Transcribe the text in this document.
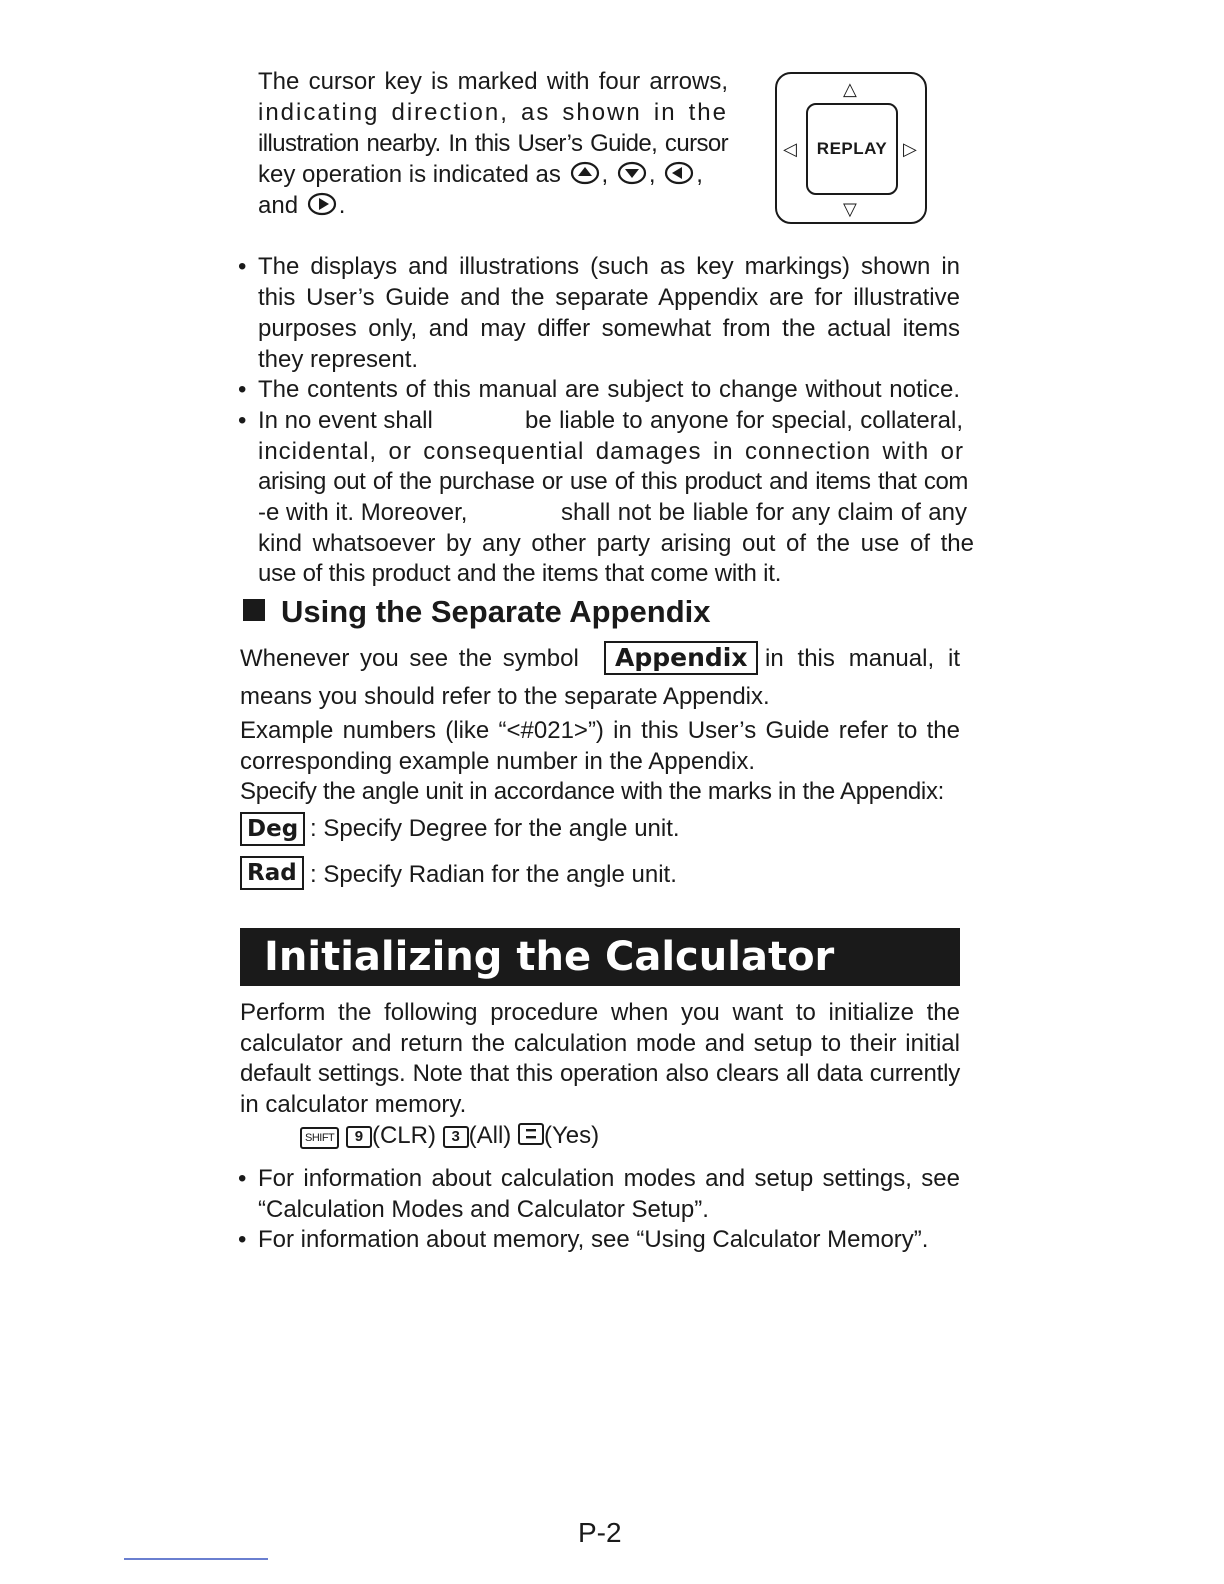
The cursor key is marked with four arrows,
indicating direction, as shown in the
illustration nearby. In this User’s Guide, cursor
key operation is indicated as , , ,
and .
△
▽
◁	▷
REPLAY
• The displays and illustrations (such as key markings) shown in
this User’s Guide and the separate Appendix are for illustrative
purposes only, and may differ somewhat from the actual items
they represent.
• The contents of this manual are subject to change without notice.
• In no event shall	be liable to anyone for special, collateral,
incidental, or consequential damages in connection with or
arising out of the purchase or use of this product and items that com
-e with it. Moreover,	shall not be liable for any claim of any
kind whatsoever by any other party arising out of the use of the
use of this product and the items that come with it.
Using the Separate Appendix
Whenever you see the symbol	Appendix in this manual, it
means you should refer to the separate Appendix.
Example numbers (like “<#021>”) in this User’s Guide refer to the
corresponding example number in the Appendix.
Specify the angle unit in accordance with the marks in the Appendix:
Deg : Specify Degree for the angle unit.
Rad : Specify Radian for the angle unit.
Initializing the Calculator
Perform the following procedure when you want to initialize the
calculator and return the calculation mode and setup to their initial
default settings. Note that this operation also clears all data currently
in calculator memory.
SHIFT 9 (CLR) 3 (All) (Yes)
• For information about calculation modes and setup settings, see
“Calculation Modes and Calculator Setup”.
• For information about memory, see “Using Calculator Memory”.
P-2
